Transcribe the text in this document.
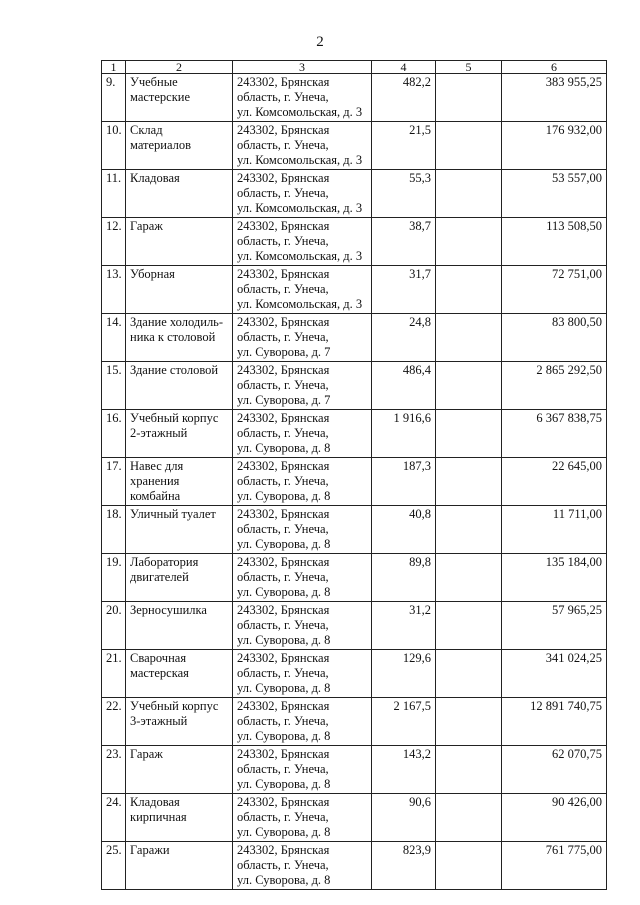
2
1	2	3	4	5	6
9.	Учебные
мастерские	243302, Брянская
область, г. Унеча,
ул. Комсомольская, д. 3	482,2		383 955,25
10.	Склад
материалов	243302, Брянская
область, г. Унеча,
ул. Комсомольская, д. 3	21,5		176 932,00
11.	Кладовая	243302, Брянская
область, г. Унеча,
ул. Комсомольская, д. 3	55,3		53 557,00
12.	Гараж	243302, Брянская
область, г. Унеча,
ул. Комсомольская, д. 3	38,7		113 508,50
13.	Уборная	243302, Брянская
область, г. Унеча,
ул. Комсомольская, д. 3	31,7		72 751,00
14.	Здание холодиль-
ника к столовой	243302, Брянская
область, г. Унеча,
ул. Суворова, д. 7	24,8		83 800,50
15.	Здание столовой	243302, Брянская
область, г. Унеча,
ул. Суворова, д. 7	486,4		2 865 292,50
16.	Учебный корпус
2-этажный	243302, Брянская
область, г. Унеча,
ул. Суворова, д. 8	1 916,6		6 367 838,75
17.	Навес для
хранения
комбайна	243302, Брянская
область, г. Унеча,
ул. Суворова, д. 8	187,3		22 645,00
18.	Уличный туалет	243302, Брянская
область, г. Унеча,
ул. Суворова, д. 8	40,8		11 711,00
19.	Лаборатория
двигателей	243302, Брянская
область, г. Унеча,
ул. Суворова, д. 8	89,8		135 184,00
20.	Зерносушилка	243302, Брянская
область, г. Унеча,
ул. Суворова, д. 8	31,2		57 965,25
21.	Сварочная
мастерская	243302, Брянская
область, г. Унеча,
ул. Суворова, д. 8	129,6		341 024,25
22.	Учебный корпус
3-этажный	243302, Брянская
область, г. Унеча,
ул. Суворова, д. 8	2 167,5		12 891 740,75
23.	Гараж	243302, Брянская
область, г. Унеча,
ул. Суворова, д. 8	143,2		62 070,75
24.	Кладовая
кирпичная	243302, Брянская
область, г. Унеча,
ул. Суворова, д. 8	90,6		90 426,00
25.	Гаражи	243302, Брянская
область, г. Унеча,
ул. Суворова, д. 8	823,9		761 775,00
